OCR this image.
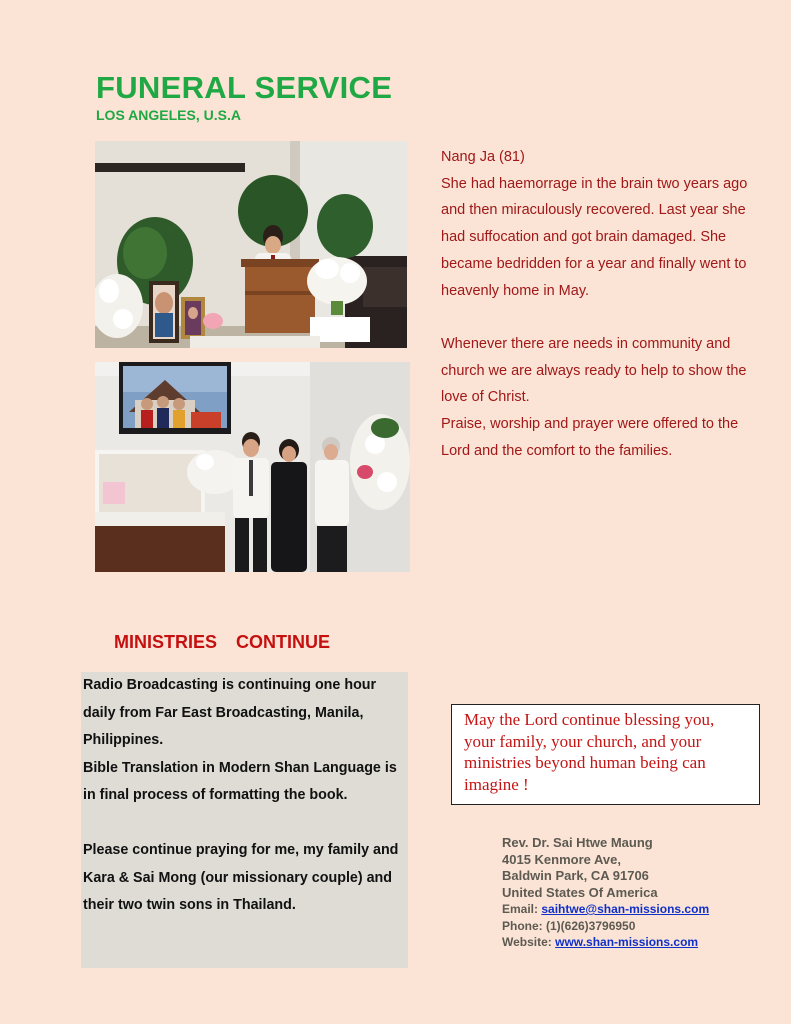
FUNERAL SERVICE
LOS ANGELES, U.S.A

Nang Ja (81)

She had haemorrage in the brain two years ago and then miraculously recovered. Last year she had suffocation and got brain damaged. She became bedridden for a year and finally went to heavenly home in May.

Whenever there are needs in community and church we are always ready to help to show the love of Christ.

Praise, worship and prayer were offered to the Lord and the comfort to the families.

MINISTRIES CONTINUE

Radio Broadcasting is continuing one hour daily from Far East Broadcasting, Manila, Philippines.

Bible Translation in Modern Shan Language is in final process of formatting the book.

Please continue praying for me, my family and Kara & Sai Mong (our missionary couple) and their two twin sons in Thailand.

May the Lord continue blessing you, your family, your church, and your ministries beyond human being can imagine !
Rev. Dr. Sai Htwe Maung
4015 Kenmore Ave,
Baldwin Park, CA 91706
United States Of America
Email: saihtwe@shan-missions.com
Phone: (1)(626)3796950
Website: www.shan-missions.com
